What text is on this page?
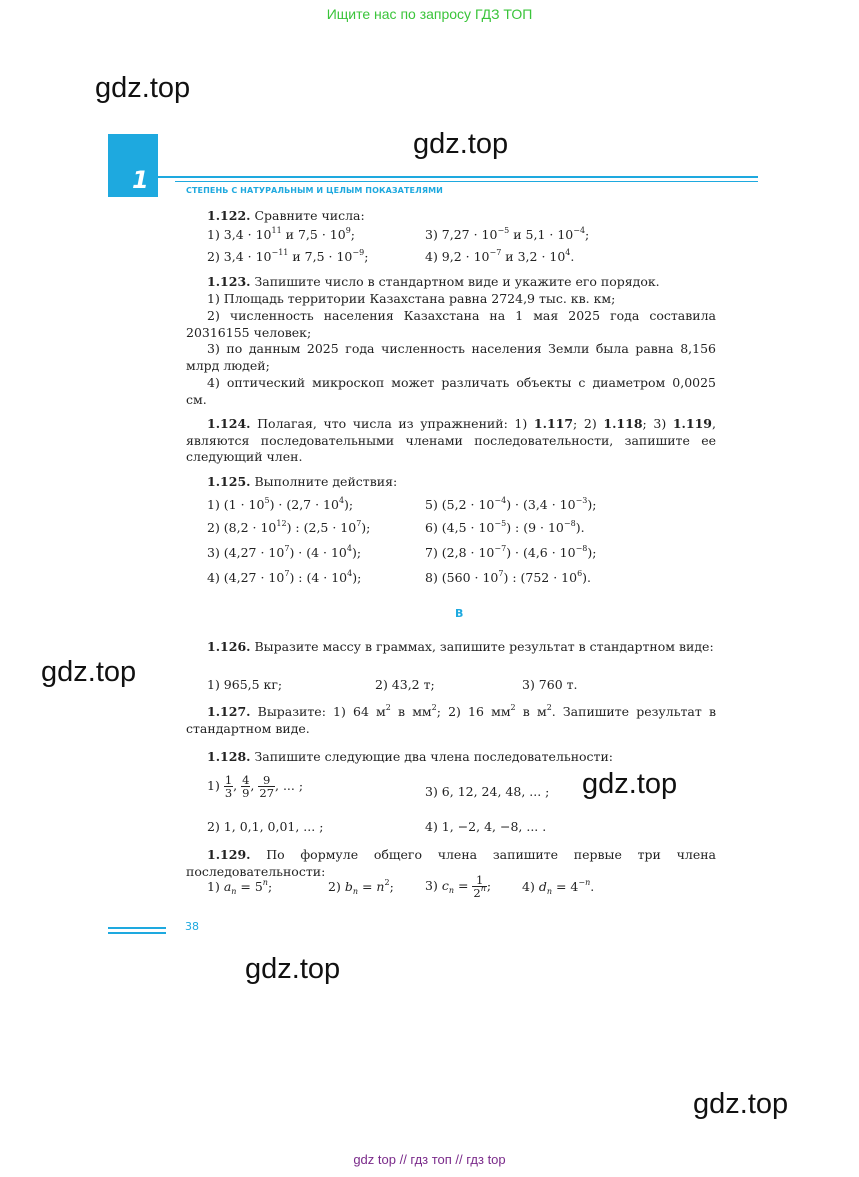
Ищите нас по запросу ГДЗ ТОП
gdz.top
gdz.top
gdz.top
gdz.top
gdz.top
gdz.top
1	СТЕПЕНЬ С НАТУРАЛЬНЫМ И ЦЕЛЫМ ПОКАЗАТЕЛЯМИ
1.122. Сравните числа:
1) $3,4 \cdot 10^{11}$ и $7,5 \cdot 10^9$;	3) $7,27 \cdot 10^{-5}$ и $5,1 \cdot 10^{-4}$;
2) $3,4 \cdot 10^{-11}$ и $7,5 \cdot 10^{-9}$;	4) $9,2 \cdot 10^{-7}$ и $3,2 \cdot 10^4$.
1.123. Запишите число в стандартном виде и укажите его порядок.
1) Площадь территории Казахстана равна 2724,9 тыс. кв. км;
2) численность населения Казахстана на 1 мая 2025 года составила 20316155 человек;
3) по данным 2025 года численность населения Земли была равна 8,156 млрд людей;
4) оптический микроскоп может различать объекты с диаметром 0,0025 см.
1.124. Полагая, что числа из упражнений: 1) 1.117; 2) 1.118; 3) 1.119, являются последовательными членами последовательности, запишите ее следующий член.
1.125. Выполните действия:
1) $(1 \cdot 10^5) \cdot (2,7 \cdot 10^4)$;	5) $(5,2 \cdot 10^{-4}) \cdot (3,4 \cdot 10^{-3})$;
2) $(8,2 \cdot 10^{12})$ : $(2,5 \cdot 10^7)$;	6) $(4,5 \cdot 10^{-5})$ : $(9 \cdot 10^{-8})$.
3) $(4,27 \cdot 10^7) \cdot (4 \cdot 10^4)$;	7) $(2,8 \cdot 10^{-7}) \cdot (4,6 \cdot 10^{-8})$;
4) $(4,27 \cdot 10^7)$ : $(4 \cdot 10^4)$;	8) $(560 \cdot 10^7)$ : $(752 \cdot 10^6)$.
B
1.126. Выразите массу в граммах, запишите результат в стандартном виде:
1) 965,5 кг;	2) 43,2 т;	3) 760 т.
1.127. Выразите: 1) 64 $м^2$ в $мм^2$; 2) 16 $мм^2$ в $м^2$. Запишите результат в стандартном виде.
1.128. Запишите следующие два члена последовательности:
$1) \frac{1}{3}$ , $\frac{4}{9}$ , $\frac{9}{27}$ , ... ;	3) 6, 12, 24, 48, ... ;
2) 1, 0,1, 0,01, ... ;	4) 1, −2, 4, −8, ... .
1.129. По формуле общего члена запишите первые три члена последовательности:
1) $a_n = 5^n$;	2) $b_n = n^2$; 3) $c_n = \frac{1}{2^n}$ ; 4) $d_n = 4^{-n}$.
38
gdz top // гдз топ // гдз top
